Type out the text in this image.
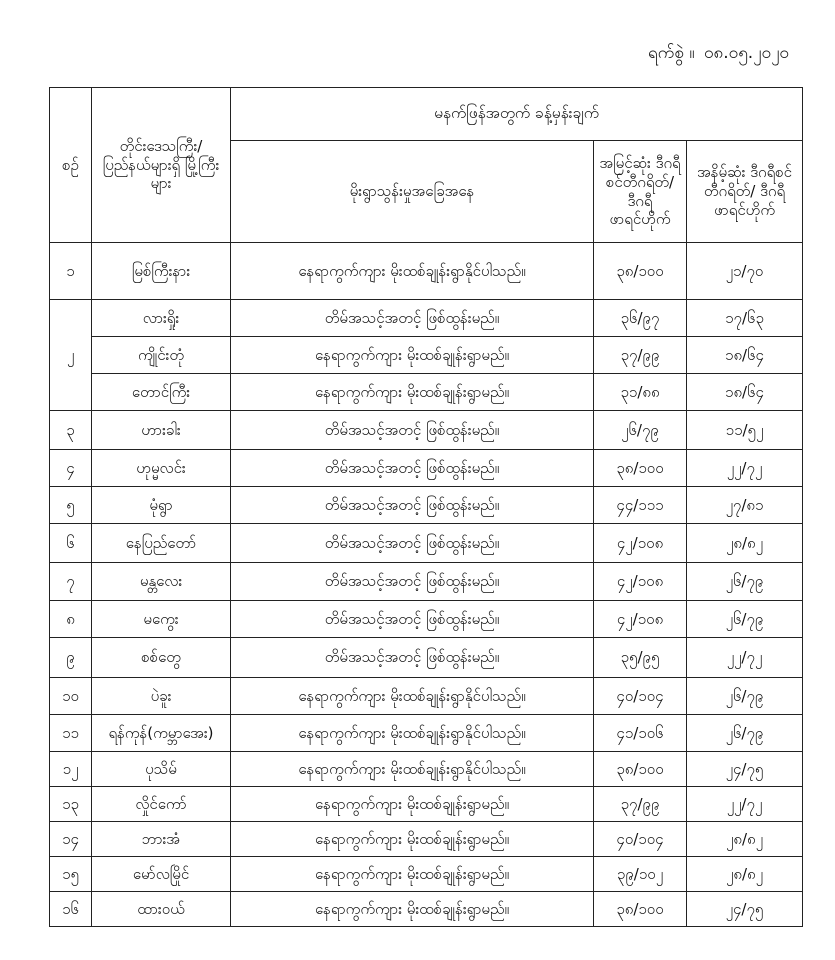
ရက်စွဲ ။ ၀၈.၀၅.၂၀၂၀
စဉ်	တိုင်းဒေသကြီး/ ပြည်နယ်များရှိ မြို့ကြီးများ	မနက်ဖြန်အတွက် ခန့်မှန်းချက်		
		မိုးရွာသွန်းမှုအခြေအနေ	အမြင့်ဆုံး ဒီဂရီစင်တီဂရိတ်/ ဒီဂရီဖာရင်ဟိုက်	အနိမ့်ဆုံး ဒီဂရီစင်တီဂရိတ်/ ဒီဂရီဖာရင်ဟိုက်
၁	မြစ်ကြီးနား	နေရာကွက်ကျား မိုးထစ်ချုန်းရွာနိုင်ပါသည်။	၃၈/၁၀၀	၂၁/၇၀
၂	လားရှိုး	တိမ်အသင့်အတင့် ဖြစ်ထွန်းမည်။	၃၆/၉၇	၁၇/၆၃
	ကျိုင်းတုံ	နေရာကွက်ကျား မိုးထစ်ချုန်းရွာမည်။	၃၇/၉၉	၁၈/၆၄
	တောင်ကြီး	နေရာကွက်ကျား မိုးထစ်ချုန်းရွာမည်။	၃၁/၈၈	၁၈/၆၄
၃	ဟားခါး	တိမ်အသင့်အတင့် ဖြစ်ထွန်းမည်။	၂၆/၇၉	၁၁/၅၂
၄	ဟုမ္မလင်း	တိမ်အသင့်အတင့် ဖြစ်ထွန်းမည်။	၃၈/၁၀၀	၂၂/၇၂
၅	မုံရွာ	တိမ်အသင့်အတင့် ဖြစ်ထွန်းမည်။	၄၄/၁၁၁	၂၇/၈၁
၆	နေပြည်တော်	တိမ်အသင့်အတင့် ဖြစ်ထွန်းမည်။	၄၂/၁၀၈	၂၈/၈၂
၇	မန္တလေး	တိမ်အသင့်အတင့် ဖြစ်ထွန်းမည်။	၄၂/၁၀၈	၂၆/၇၉
၈	မကွေး	တိမ်အသင့်အတင့် ဖြစ်ထွန်းမည်။	၄၂/၁၀၈	၂၆/၇၉
၉	စစ်တွေ	တိမ်အသင့်အတင့် ဖြစ်ထွန်းမည်။	၃၅/၉၅	၂၂/၇၂
၁၀	ပဲခူး	နေရာကွက်ကျား မိုးထစ်ချုန်းရွာနိုင်ပါသည်။	၄၀/၁၀၄	၂၆/၇၉
၁၁	ရန်ကုန်(ကမ္ဘာအေး)	နေရာကွက်ကျား မိုးထစ်ချုန်းရွာနိုင်ပါသည်။	၄၁/၁၀၆	၂၆/၇၉
၁၂	ပုသိမ်	နေရာကွက်ကျား မိုးထစ်ချုန်းရွာနိုင်ပါသည်။	၃၈/၁၀၀	၂၄/၇၅
၁၃	လှိုင်ကော်	နေရာကွက်ကျား မိုးထစ်ချုန်းရွာမည်။	၃၇/၉၉	၂၂/၇၂
၁၄	ဘားအံ	နေရာကွက်ကျား မိုးထစ်ချုန်းရွာမည်။	၄၀/၁၀၄	၂၈/၈၂
၁၅	မော်လမြိုင်	နေရာကွက်ကျား မိုးထစ်ချုန်းရွာမည်။	၃၉/၁၀၂	၂၈/၈၂
၁၆	ထားဝယ်	နေရာကွက်ကျား မိုးထစ်ချုန်းရွာမည်။	၃၈/၁၀၀	၂၄/၇၅
